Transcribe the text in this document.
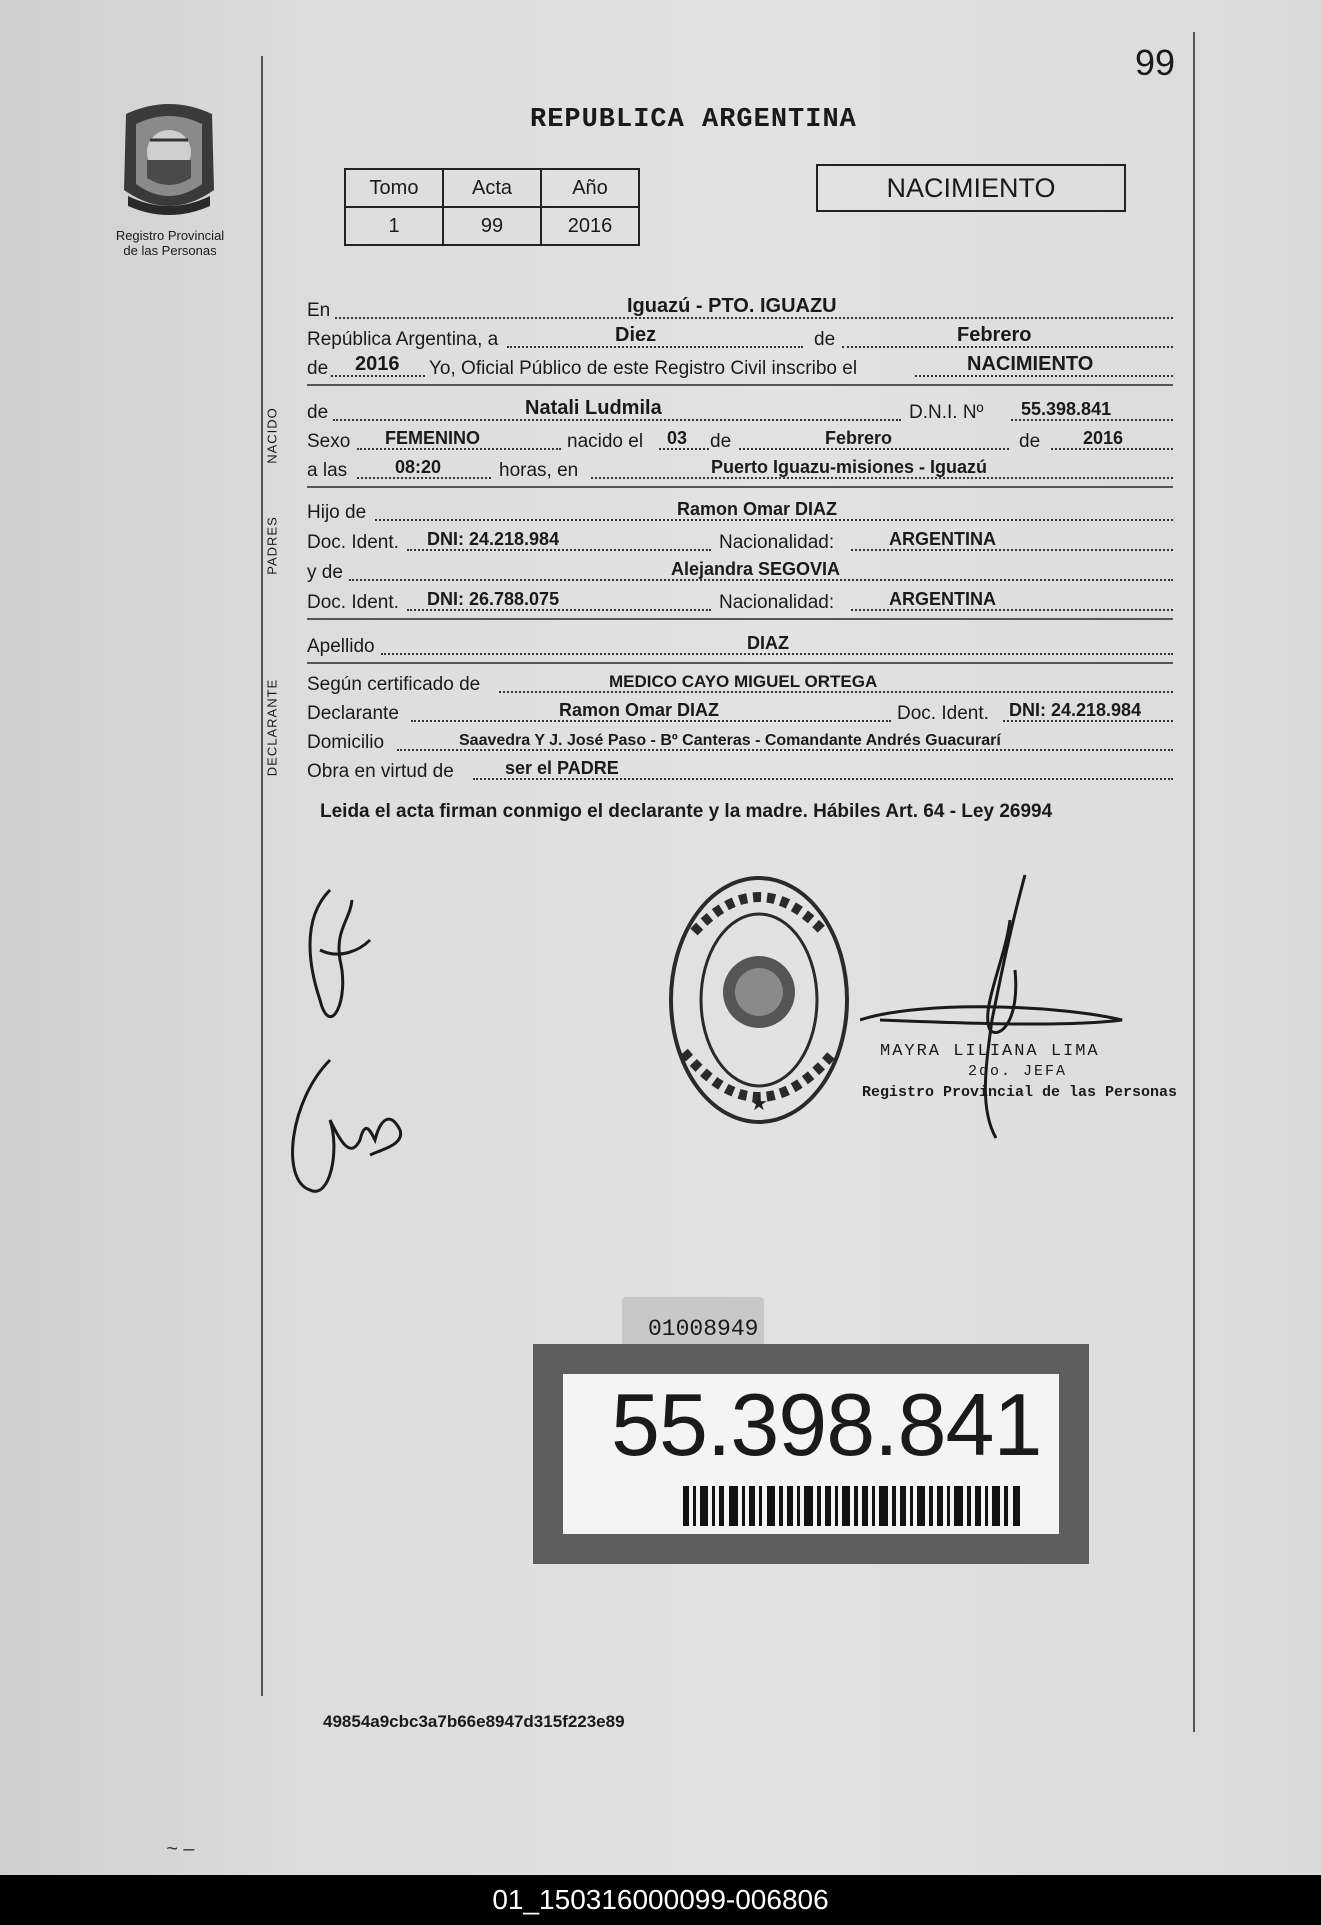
99
Registro Provincial
de las Personas
REPUBLICA ARGENTINA
Tomo	Acta	Año
1	99	2016
NACIMIENTO
En	Iguazú - PTO. IGUAZU
República Argentina, a	Diez	de	Febrero
de 2016 Yo, Oficial Público de este Registro Civil inscribo el	NACIMIENTO
NACIDO de	Natali Ludmila	D.N.I. Nº 55.398.841
Sexo FEMENINO	nacido el 03 de	Febrero	de 2016
a las	08:20	horas, en	Puerto Iguazu-misiones - Iguazú
PADRES
Hijo de	Ramon Omar DIAZ
Doc. Ident. DNI: 24.218.984	Nacionalidad:	ARGENTINA
y de	Alejandra SEGOVIA
Doc. Ident. DNI: 26.788.075	Nacionalidad:	ARGENTINA
Apellido	DIAZ
DECLARANTE Según certificado de	MEDICO CAYO MIGUEL ORTEGA
Declarante	Ramon Omar DIAZ	Doc. Ident. DNI: 24.218.984
Domicilio	Saavedra Y J. José Paso - Bº Canteras - Comandante Andrés Guacurarí
Obra en virtud de	ser el PADRE
Leida el acta firman conmigo el declarante y la madre. Hábiles Art. 64 - Ley 26994
★
MAYRA LILIANA LIMA
2do. JEFA
Registro Provincial de las Personas
01008949
55.398.841
49854a9cbc3a7b66e8947d315f223e89
~ –
01_150316000099-006806
